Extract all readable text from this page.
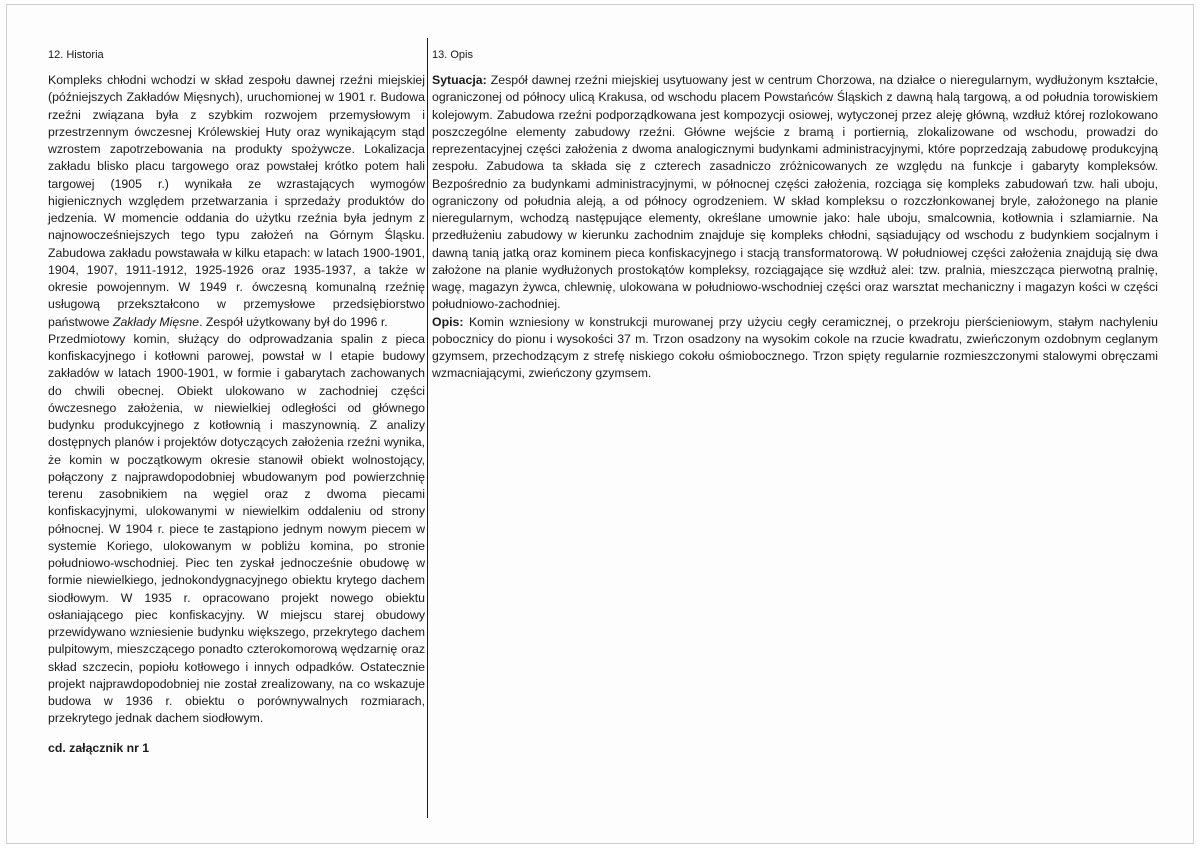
12. Historia	13. Opis

Kompleks chłodni wchodzi w skład zespołu dawnej rzeźni miejskiej (późniejszych Zakładów Mięsnych), uruchomionej w 1901 r. Budowa rzeźni związana była z szybkim rozwojem przemysłowym i przestrzennym ówczesnej Królewskiej Huty oraz wynikającym stąd wzrostem zapotrzebowania na produkty spożywcze. Lokalizacja zakładu blisko placu targowego oraz powstałej krótko potem hali targowej (1905 r.) wynikała ze wzrastających wymogów higienicznych względem przetwarzania i sprzedaży produktów do jedzenia. W momencie oddania do użytku rzeźnia była jednym z najnowocześniejszych tego typu założeń na Górnym Śląsku. Zabudowa zakładu powstawała w kilku etapach: w latach 1900-1901, 1904, 1907, 1911-1912, 1925-1926 oraz 1935-1937, a także w okresie powojennym. W 1949 r. ówczesną komunalną rzeźnię usługową przekształcono w przemysłowe przedsiębiorstwo państwowe Zakłady Mięsne. Zespół użytkowany był do 1996 r.

Przedmiotowy komin, służący do odprowadzania spalin z pieca konfiskacyjnego i kotłowni parowej, powstał w I etapie budowy zakładów w latach 1900-1901, w formie i gabarytach zachowanych do chwili obecnej. Obiekt ulokowano w zachodniej części ówczesnego założenia, w niewielkiej odległości od głównego budynku produkcyjnego z kotłownią i maszynownią. Z analizy dostępnych planów i projektów dotyczących założenia rzeźni wynika, że komin w początkowym okresie stanowił obiekt wolnostojący, połączony z najprawdopodobniej wbudowanym pod powierzchnię terenu zasobnikiem na węgiel oraz z dwoma piecami konfiskacyjnymi, ulokowanymi w niewielkim oddaleniu od strony północnej. W 1904 r. piece te zastąpiono jednym nowym piecem w systemie Koriego, ulokowanym w pobliżu komina, po stronie południowo-wschodniej. Piec ten zyskał jednocześnie obudowę w formie niewielkiego, jednokondygnacyjnego obiektu krytego dachem siodłowym. W 1935 r. opracowano projekt nowego obiektu osłaniającego piec konfiskacyjny. W miejscu starej obudowy przewidywano wzniesienie budynku większego, przekrytego dachem pulpitowym, mieszczącego ponadto czterokomorową wędzarnię oraz skład szczecin, popiołu kotłowego i innych odpadków. Ostatecznie projekt najprawdopodobniej nie został zrealizowany, na co wskazuje budowa w 1936 r. obiektu o porównywalnych rozmiarach, przekrytego jednak dachem siodłowym.

cd. załącznik nr 1

Sytuacja: Zespół dawnej rzeźni miejskiej usytuowany jest w centrum Chorzowa, na działce o nieregularnym, wydłużonym kształcie, ograniczonej od północy ulicą Krakusa, od wschodu placem Powstańców Śląskich z dawną halą targową, a od południa torowiskiem kolejowym. Zabudowa rzeźni podporządkowana jest kompozycji osiowej, wytyczonej przez aleję główną, wzdłuż której rozlokowano poszczególne elementy zabudowy rzeźni. Główne wejście z bramą i portiernią, zlokalizowane od wschodu, prowadzi do reprezentacyjnej części założenia z dwoma analogicznymi budynkami administracyjnymi, które poprzedzają zabudowę produkcyjną zespołu. Zabudowa ta składa się z czterech zasadniczo zróżnicowanych ze względu na funkcje i gabaryty kompleksów. Bezpośrednio za budynkami administracyjnymi, w północnej części założenia, rozciąga się kompleks zabudowań tzw. hali uboju, ograniczony od południa aleją, a od północy ogrodzeniem. W skład kompleksu o rozczłonkowanej bryle, założonego na planie nieregularnym, wchodzą następujące elementy, określane umownie jako: hale uboju, smalcownia, kotłownia i szlamiarnie. Na przedłużeniu zabudowy w kierunku zachodnim znajduje się kompleks chłodni, sąsiadujący od wschodu z budynkiem socjalnym i dawną tanią jatką oraz kominem pieca konfiskacyjnego i stacją transformatorową. W południowej części założenia znajdują się dwa założone na planie wydłużonych prostokątów kompleksy, rozciągające się wzdłuż alei: tzw. pralnia, mieszcząca pierwotną pralnię, wagę, magazyn żywca, chlewnię, ulokowana w południowo-wschodniej części oraz warsztat mechaniczny i magazyn kości w części południowo-zachodniej.

Opis: Komin wzniesiony w konstrukcji murowanej przy użyciu cegły ceramicznej, o przekroju pierścieniowym, stałym nachyleniu pobocznicy do pionu i wysokości 37 m. Trzon osadzony na wysokim cokole na rzucie kwadratu, zwieńczonym ozdobnym ceglanym gzymsem, przechodzącym z strefę niskiego cokołu ośmiobocznego. Trzon spięty regularnie rozmieszczonymi stalowymi obręczami wzmacniającymi, zwieńczony gzymsem.
